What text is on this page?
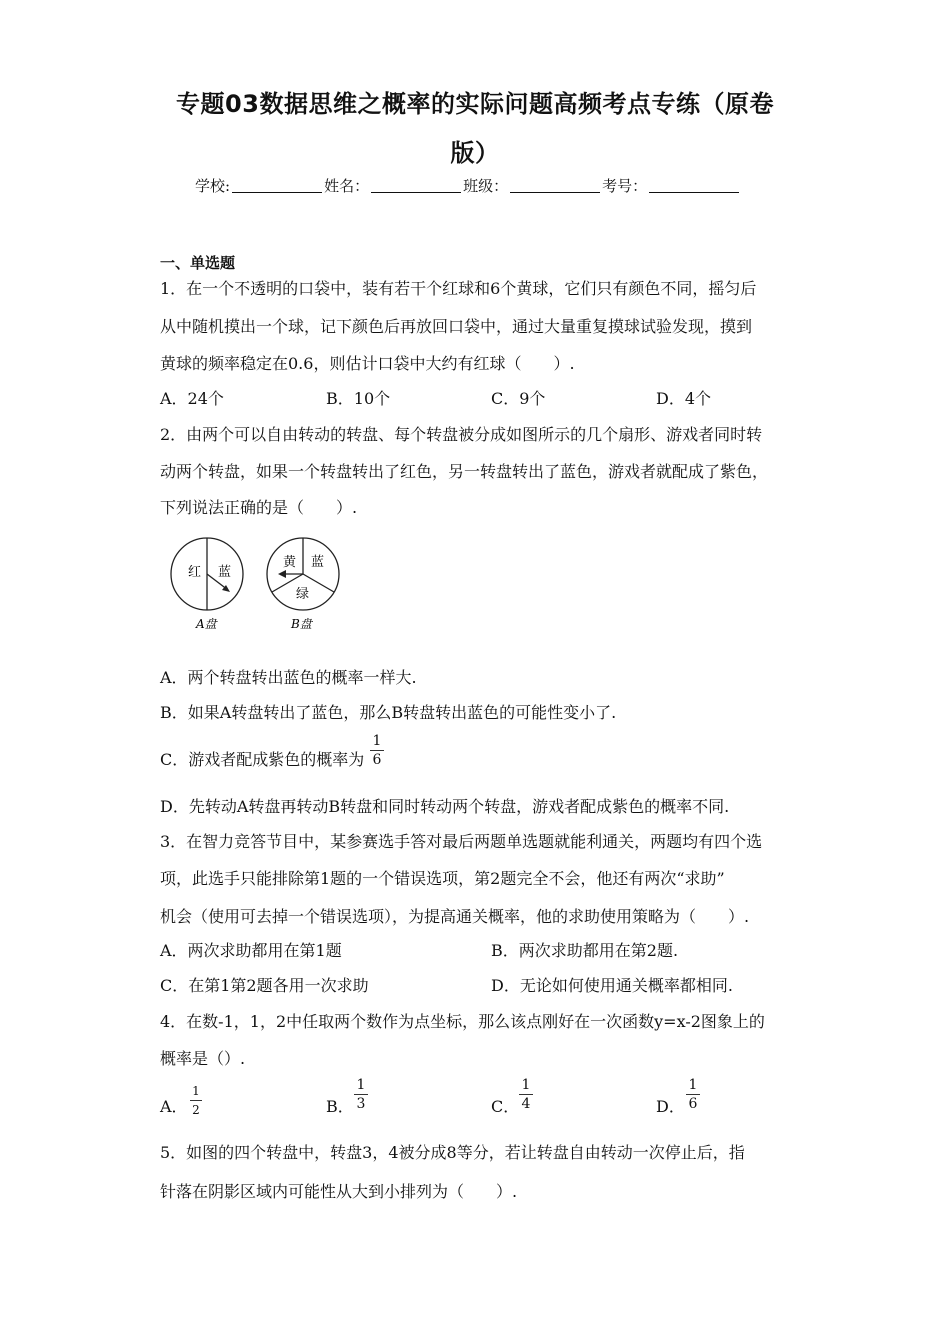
专题03数据思维之概率的实际问题高频考点专练（原卷
版）
学校:	姓名：	班级：	考号：
一、单选题
1．在一个不透明的口袋中，装有若干个红球和6个黄球，它们只有颜色不同，摇匀后
从中随机摸出一个球，记下颜色后再放回口袋中，通过大量重复摸球试验发现，摸到
黄球的频率稳定在0.6，则估计口袋中大约有红球（　　）.
A．24个	B．10个	C．9个	D．4个
2．由两个可以自由转动的转盘、每个转盘被分成如图所示的几个扇形、游戏者同时转
动两个转盘，如果一个转盘转出了红色，另一转盘转出了蓝色，游戏者就配成了紫色，
下列说法正确的是（　　）.
红 蓝
A盘
黄 蓝
绿
B盘
A．两个转盘转出蓝色的概率一样大.
B．如果A转盘转出了蓝色，那么B转盘转出蓝色的可能性变小了.
C．游戏者配成紫色的概率为
1
6
D．先转动A转盘再转动B转盘和同时转动两个转盘，游戏者配成紫色的概率不同.
3．在智力竞答节目中，某参赛选手答对最后两题单选题就能利通关，两题均有四个选
项，此选手只能排除第1题的一个错误选项，第2题完全不会，他还有两次“求助”
机会（使用可去掉一个错误选项），为提高通关概率，他的求助使用策略为（　　）.
A．两次求助都用在第1题	B．两次求助都用在第2题.
C．在第1第2题各用一次求助	D．无论如何使用通关概率都相同.
4．在数-1，1，2中任取两个数作为点坐标，那么该点刚好在一次函数y=x-2图象上的
概率是（）.
A．
1
2	B．
1
3	C．
1
4	D．
1
6
5．如图的四个转盘中，转盘3，4被分成8等分，若让转盘自由转动一次停止后，指
针落在阴影区域内可能性从大到小排列为（　　）.
